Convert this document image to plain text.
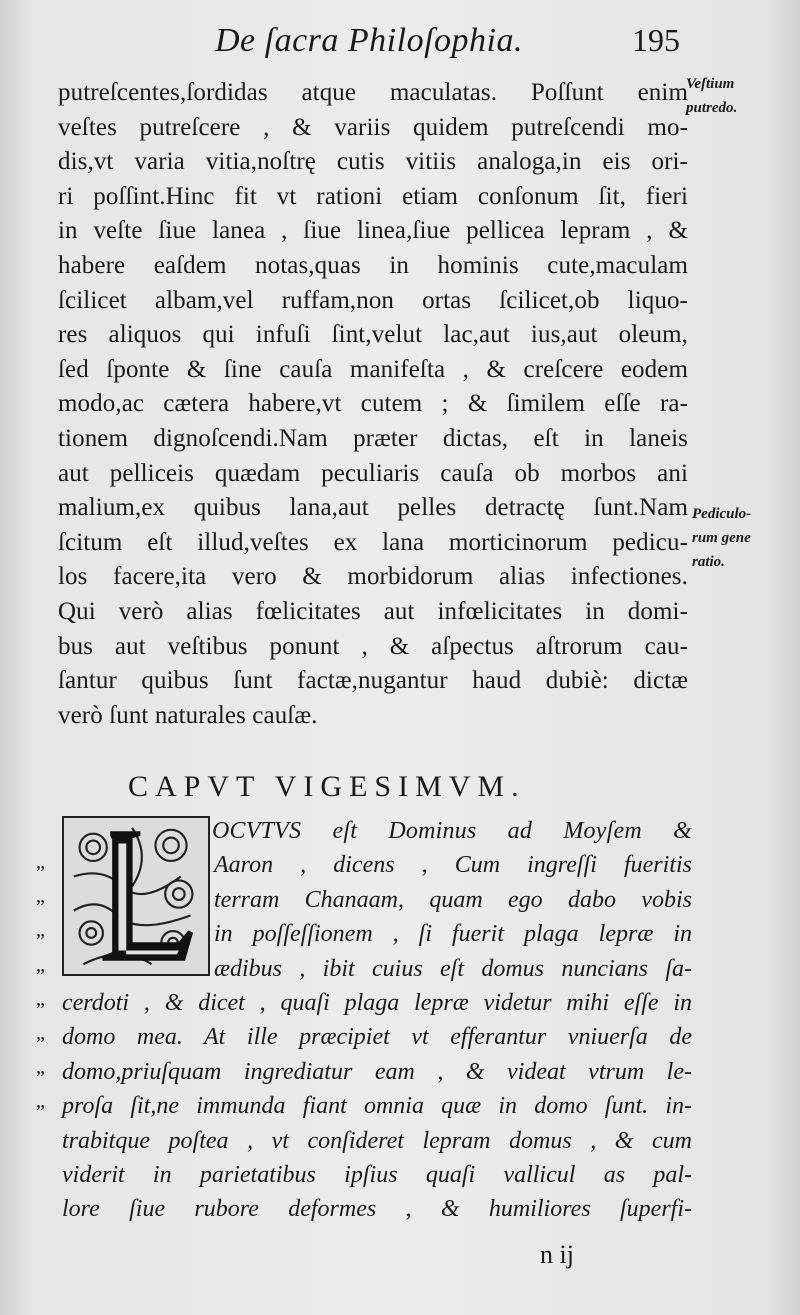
De ſacra Philoſophia.	195
putreſcentes,ſordidas atque maculatas. Poſſunt enim
veſtes putreſcere , & variis quidem putreſcendi mo-
dis,vt varia vitia,noſtrę cutis vitiis analoga,in eis ori-
ri poſſint.Hinc fit vt rationi etiam conſonum ſit, fieri
in veſte ſiue lanea , ſiue linea,ſiue pellicea lepram , &
habere eaſdem notas,quas in hominis cute,maculam
ſcilicet albam,vel ruffam,non ortas ſcilicet,ob liquo-
res aliquos qui infuſi ſint,velut lac,aut ius,aut oleum,
ſed ſponte & ſine cauſa manifeſta , & creſcere eodem
modo,ac cætera habere,vt cutem ; & ſimilem eſſe ra-
tionem dignoſcendi.Nam præter dictas, eſt in laneis
aut pelliceis quædam peculiaris cauſa ob morbos ani
malium,ex quibus lana,aut pelles detractę ſunt.Nam
ſcitum eſt illud,veſtes ex lana morticinorum pedicu-
los facere,ita vero & morbidorum alias infectiones.
Qui verò alias fœlicitates aut infœlicitates in domi-
bus aut veſtibus ponunt , & aſpectus aſtrorum cau-
ſantur quibus ſunt factæ,nugantur haud dubiè: dictæ
verò ſunt naturales cauſæ.
Veſtium
putredo.
Pediculo-
rum gene
ratio.
CAPVT VIGESIMVM.
„
„
„
„
„
„
„
„
OCVTVS eſt Dominus ad Moyſem &
Aaron , dicens , Cum ingreſſi fueritis
terram Chanaam, quam ego dabo vobis
in poſſeſſionem , ſi fuerit plaga lepræ in
ædibus , ibit cuius eſt domus nuncians ſa-
cerdoti , & dicet , quaſi plaga lepræ videtur mihi eſſe in
domo mea. At ille præcipiet vt efferantur vniuerſa de
domo,priuſquam ingrediatur eam , & videat vtrum le-
proſa ſit,ne immunda fiant omnia quæ in domo ſunt. in-
trabitque poſtea , vt conſideret lepram domus , & cum
viderit in parietatibus ipſius quaſi vallicul as pal-
lore ſiue rubore deformes , & humiliores ſuperfi-
n ij
